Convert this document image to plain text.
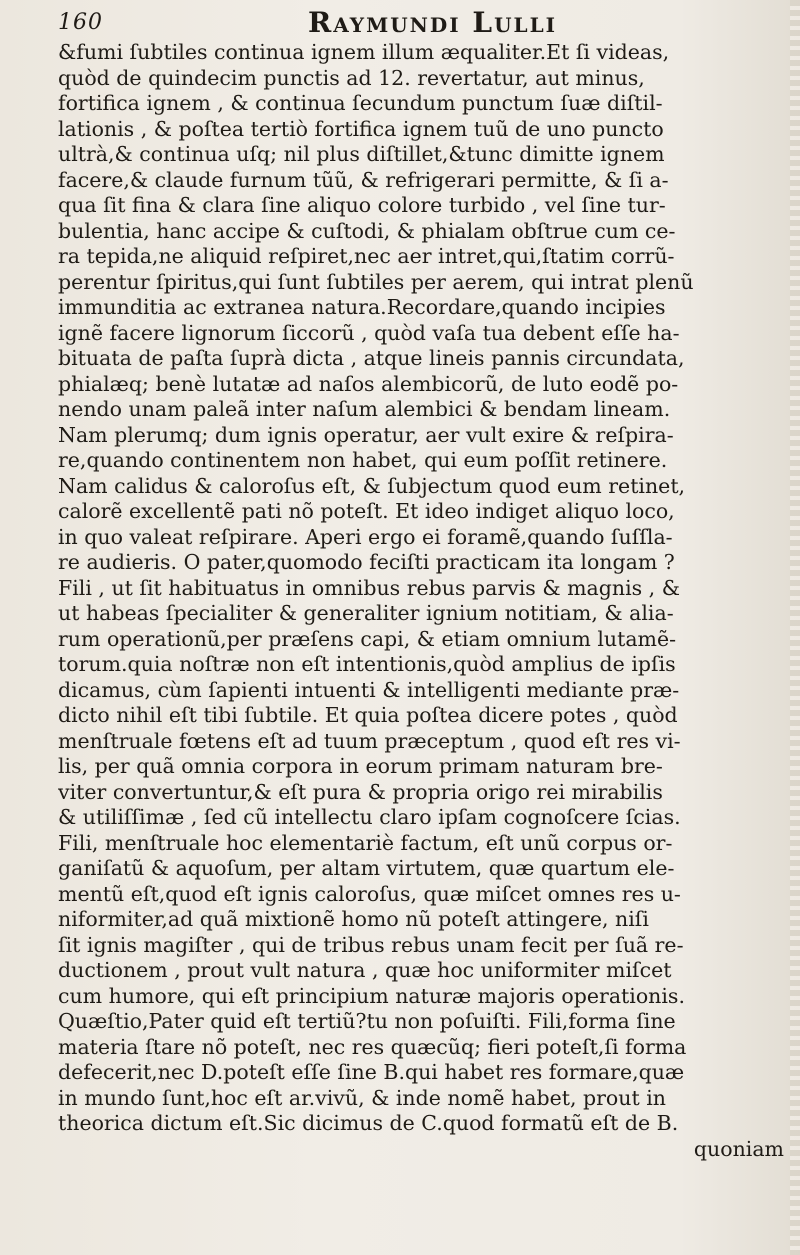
160	Raymundi Lulli
&fumi ſubtiles continua ignem illum æqualiter.Et ſi videas,
quòd de quindecim punctis ad 12. revertatur, aut minus,
fortifica ignem , & continua ſecundum punctum ſuæ diſtil-
lationis , & poſtea tertiò fortifica ignem tuũ de uno puncto
ultrà,& continua uſq; nil plus diſtillet,&tunc dimitte ignem
facere,& claude furnum tũũ, & refrigerari permitte, & ſi a-
qua ſit fina & clara ſine aliquo colore turbido , vel ſine tur-
bulentia, hanc accipe & cuſtodi, & phialam obſtrue cum ce-
ra tepida,ne aliquid reſpiret,nec aer intret,qui,ſtatim corrũ-
perentur ſpiritus,qui ſunt ſubtiles per aerem, qui intrat plenũ
immunditia ac extranea natura.Recordare,quando incipies
ignẽ facere lignorum ſiccorũ , quòd vaſa tua debent eſſe ha-
bituata de paſta ſuprà dicta , atque lineis pannis circundata,
phialæq; benè lutatæ ad naſos alembicorũ, de luto eodẽ po-
nendo unam paleã inter naſum alembici & bendam lineam.
Nam plerumq; dum ignis operatur, aer vult exire & reſpira-
re,quando continentem non habet, qui eum poſſit retinere.
Nam calidus & caloroſus eſt, & ſubjectum quod eum retinet,
calorẽ excellentẽ pati nõ poteſt. Et ideo indiget aliquo loco,
in quo valeat reſpirare. Aperi ergo ei foramẽ,quando ſuſſla-
re audieris. O pater,quomodo feciſti practicam ita longam ?
Fili , ut ſit habituatus in omnibus rebus parvis & magnis , &
ut habeas ſpecialiter & generaliter ignium notitiam, & alia-
rum operationũ,per præſens capi, & etiam omnium lutamẽ-
torum.quia noſtræ non eſt intentionis,quòd amplius de ipſis
dicamus, cùm ſapienti intuenti & intelligenti mediante præ-
dicto nihil eſt tibi ſubtile. Et quia poſtea dicere potes , quòd
menſtruale fœtens eſt ad tuum præceptum , quod eſt res vi-
lis, per quã omnia corpora in eorum primam naturam bre-
viter convertuntur,& eſt pura & propria origo rei mirabilis
& utiliſſimæ , ſed cũ intellectu claro ipſam cognoſcere ſcias.
Fili, menſtruale hoc elementariè factum, eſt unũ corpus or-
ganiſatũ & aquoſum, per altam virtutem, quæ quartum ele-
mentũ eſt,quod eſt ignis caloroſus, quæ miſcet omnes res u-
niformiter,ad quã mixtionẽ homo nũ poteſt attingere, niſi
ſit ignis magiſter , qui de tribus rebus unam fecit per ſuã re-
ductionem , prout vult natura , quæ hoc uniformiter miſcet
cum humore, qui eſt principium naturæ majoris operationis.
Quæſtio,Pater quid eſt tertiũ?tu non poſuiſti. Fili,forma ſine
materia ſtare nõ poteſt, nec res quæcũq; fieri poteſt,ſi forma
defecerit,nec D.poteſt eſſe ſine B.qui habet res formare,quæ
in mundo ſunt,hoc eſt ar.vivũ, & inde nomẽ habet, prout in
theorica dictum eſt.Sic dicimus de C.quod formatũ eſt de B.
quoniam
